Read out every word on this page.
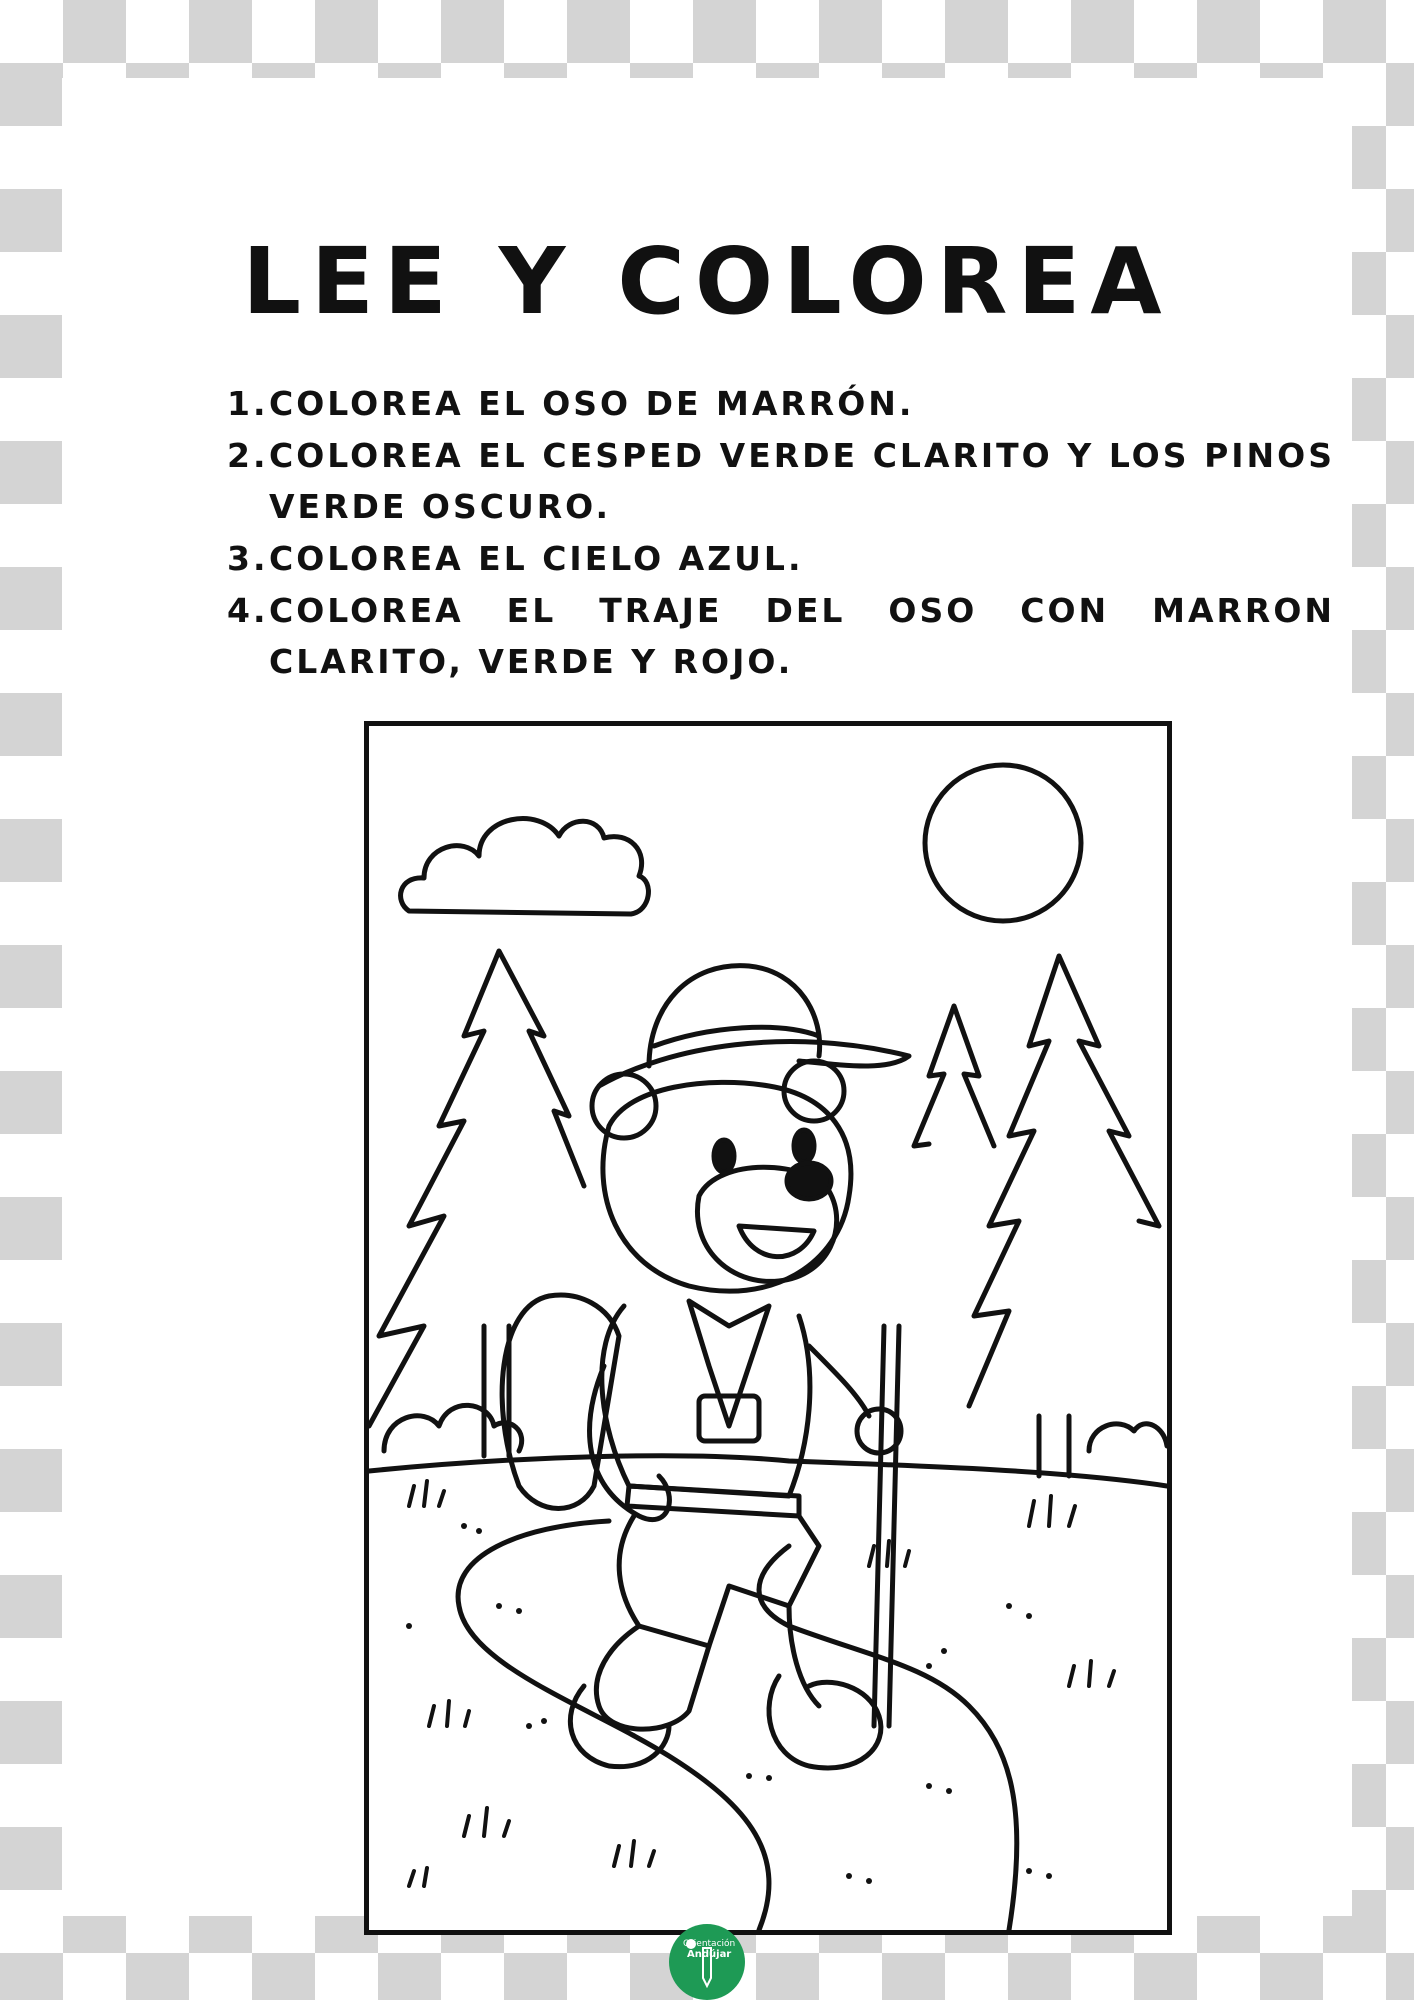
LEE Y COLOREA
1. COLOREA EL OSO DE MARRÓN.
2. COLOREA EL CESPED VERDE CLARITO Y LOS PINOS VERDE OSCURO.
3. COLOREA EL CIELO AZUL.
4. COLOREA EL TRAJE DEL OSO CON MARRON CLARITO, VERDE Y ROJO.
Orientación
Andújar
